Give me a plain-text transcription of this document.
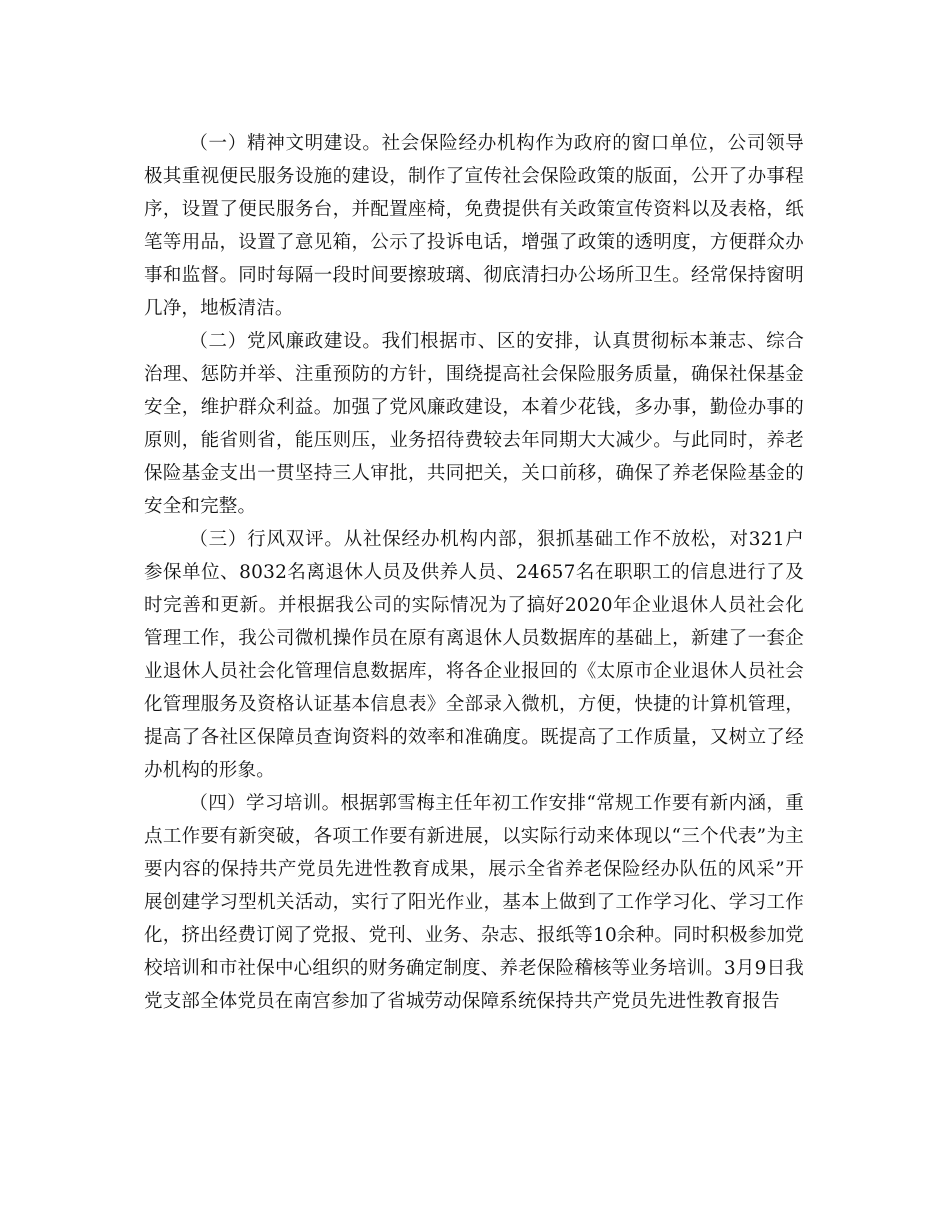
（一）精神文明建设。社会保险经办机构作为政府的窗口单位，公司领导极其重视便民服务设施的建设，制作了宣传社会保险政策的版面，公开了办事程序，设置了便民服务台，并配置座椅，免费提供有关政策宣传资料以及表格，纸笔等用品，设置了意见箱，公示了投诉电话，增强了政策的透明度，方便群众办事和监督。同时每隔一段时间要擦玻璃、彻底清扫办公场所卫生。经常保持窗明几净，地板清洁。

（二）党风廉政建设。我们根据市、区的安排，认真贯彻标本兼志、综合治理、惩防并举、注重预防的方针，围绕提高社会保险服务质量，确保社保基金安全，维护群众利益。加强了党风廉政建设，本着少花钱，多办事，勤俭办事的原则，能省则省，能压则压，业务招待费较去年同期大大减少。与此同时，养老保险基金支出一贯坚持三人审批，共同把关，关口前移，确保了养老保险基金的安全和完整。

（三）行风双评。从社保经办机构内部，狠抓基础工作不放松，对321户参保单位、8032名离退休人员及供养人员、24657名在职职工的信息进行了及时完善和更新。并根据我公司的实际情况为了搞好2020年企业退休人员社会化管理工作，我公司微机操作员在原有离退休人员数据库的基础上，新建了一套企业退休人员社会化管理信息数据库，将各企业报回的《太原市企业退休人员社会化管理服务及资格认证基本信息表》全部录入微机，方便，快捷的计算机管理，提高了各社区保障员查询资料的效率和准确度。既提高了工作质量，又树立了经办机构的形象。

（四）学习培训。根据郭雪梅主任年初工作安排“常规工作要有新内涵，重点工作要有新突破，各项工作要有新进展，以实际行动来体现以“三个代表”为主要内容的保持共产党员先进性教育成果，展示全省养老保险经办队伍的风采”开展创建学习型机关活动，实行了阳光作业，基本上做到了工作学习化、学习工作化，挤出经费订阅了党报、党刊、业务、杂志、报纸等10余种。同时积极参加党校培训和市社保中心组织的财务确定制度、养老保险稽核等业务培训。3月9日我党支部全体党员在南宫参加了省城劳动保障系统保持共产党员先进性教育报告
